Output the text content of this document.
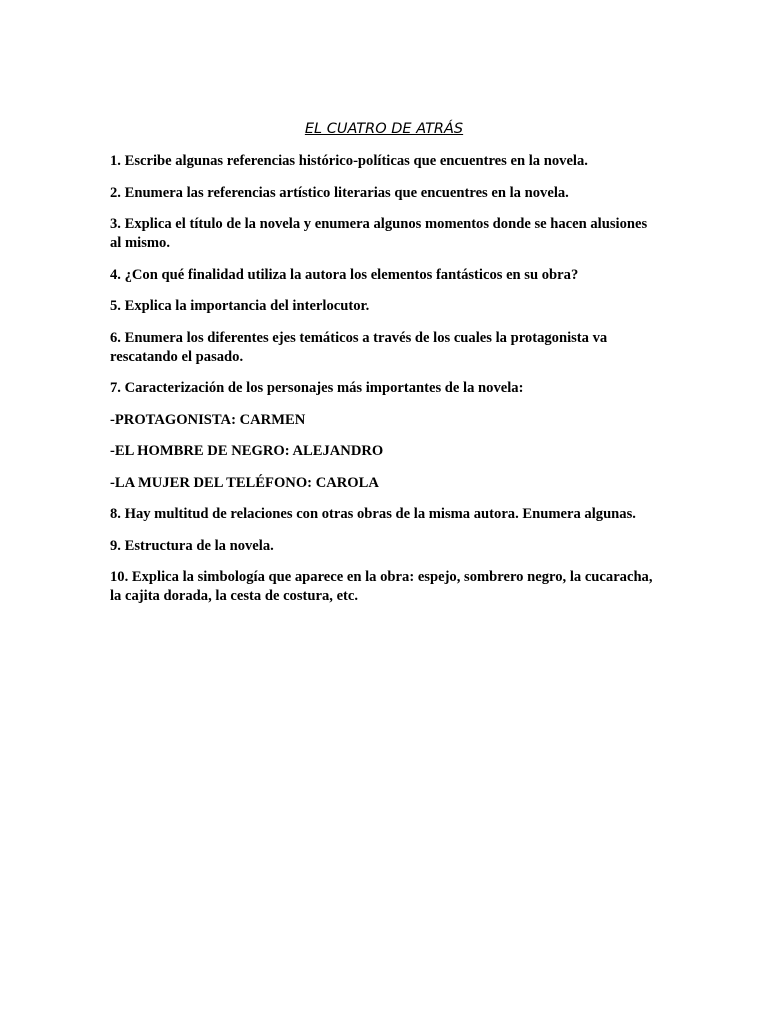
EL CUATRO DE ATRÁS

1. Escribe algunas referencias histórico-políticas que encuentres en la novela.

2. Enumera las referencias artístico literarias que encuentres en la novela.

3. Explica el título de la novela y enumera algunos momentos donde se hacen alusiones al mismo.

4. ¿Con qué finalidad utiliza la autora los elementos fantásticos en su obra?

5. Explica la importancia del interlocutor.

6. Enumera los diferentes ejes temáticos a través de los cuales la protagonista va rescatando el pasado.

7. Caracterización de los personajes más importantes de la novela:

-PROTAGONISTA: CARMEN

-EL HOMBRE DE NEGRO: ALEJANDRO

-LA MUJER DEL TELÉFONO: CAROLA

8. Hay multitud de relaciones con otras obras de la misma autora. Enumera algunas.

9. Estructura de la novela.

10. Explica la simbología que aparece en la obra: espejo, sombrero negro, la cucaracha, la cajita dorada, la cesta de costura, etc.
